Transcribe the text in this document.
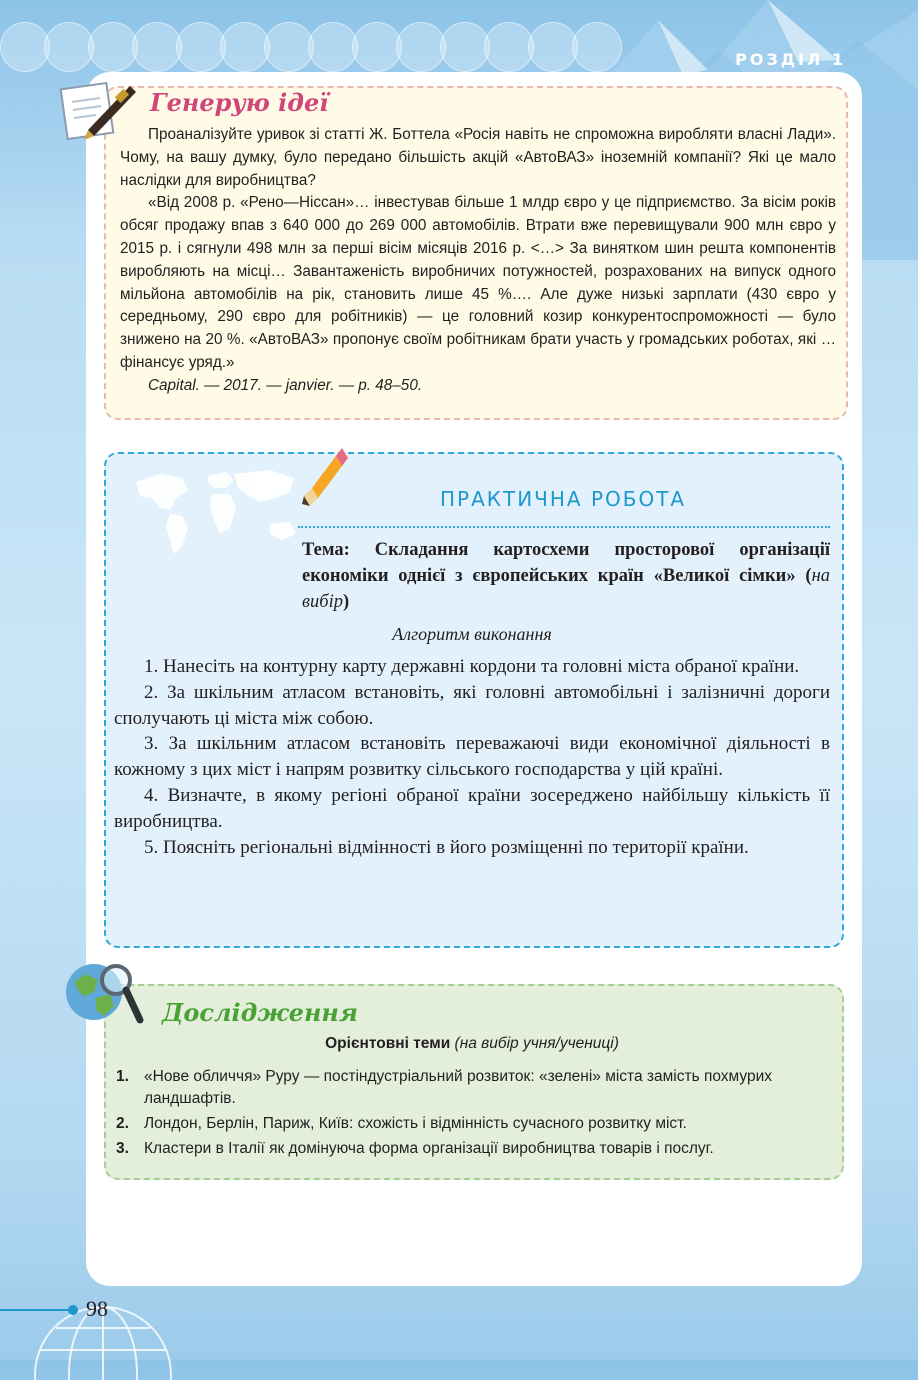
РОЗДІЛ 1
Генерую ідеї

Проаналізуйте уривок зі статті Ж. Боттела «Росія навіть не спроможна виробляти власні Лади». Чому, на вашу думку, було передано більшість акцій «АвтоВАЗ» іноземній компанії? Які це мало наслідки для виробництва?

«Від 2008 р. «Рено—Ніссан»… інвестував більше 1 млдр євро у це підприємство. За вісім років обсяг продажу впав з 640 000 до 269 000 автомобілів. Втрати вже перевищували 900 млн євро у 2015 р. і сягнули 498 млн за перші вісім місяців 2016 р. <…> За винятком шин решта компонентів виробляють на місці… Завантаженість виробничих потужностей, розрахованих на випуск одного мільйона автомобілів на рік, становить лише 45 %…. Але дуже низькі зарплати (430 євро у середньому, 290 євро для робітників) — це головний козир конкурентоспроможності — було знижено на 20 %. «АвтоВАЗ» пропонує своїм робітникам брати участь у громадських роботах, які … фінансує уряд.»

Capital. — 2017. — janvier. — p. 48–50.

ПРАКТИЧНА РОБОТА
Тема: Складання картосхеми просторової організації економіки однієї з європейських країн «Великої сімки» (на вибір)
Алгоритм виконання

1. Нанесіть на контурну карту державні кордони та головні міста обраної країни.

2. За шкільним атласом встановіть, які головні автомобільні і залізничні дороги сполучають ці міста між собою.

3. За шкільним атласом встановіть переважаючі види економічної діяльності в кожному з цих міст і напрям розвитку сільського господарства у цій країні.

4. Визначте, в якому регіоні обраної країни зосереджено найбільшу кількість її виробництва.

5. Поясніть регіональні відмінності в його розміщенні по території країни.

Дослідження
Орієнтовні теми (на вибір учня/учениці)
1. «Нове обличчя» Руру — постіндустріальний розвиток: «зелені» міста замість похмурих ландшафтів.
2. Лондон, Берлін, Париж, Київ: схожість і відмінність сучасного розвитку міст.
3. Кластери в Італії як домінуюча форма організації виробництва товарів і послуг.
98
